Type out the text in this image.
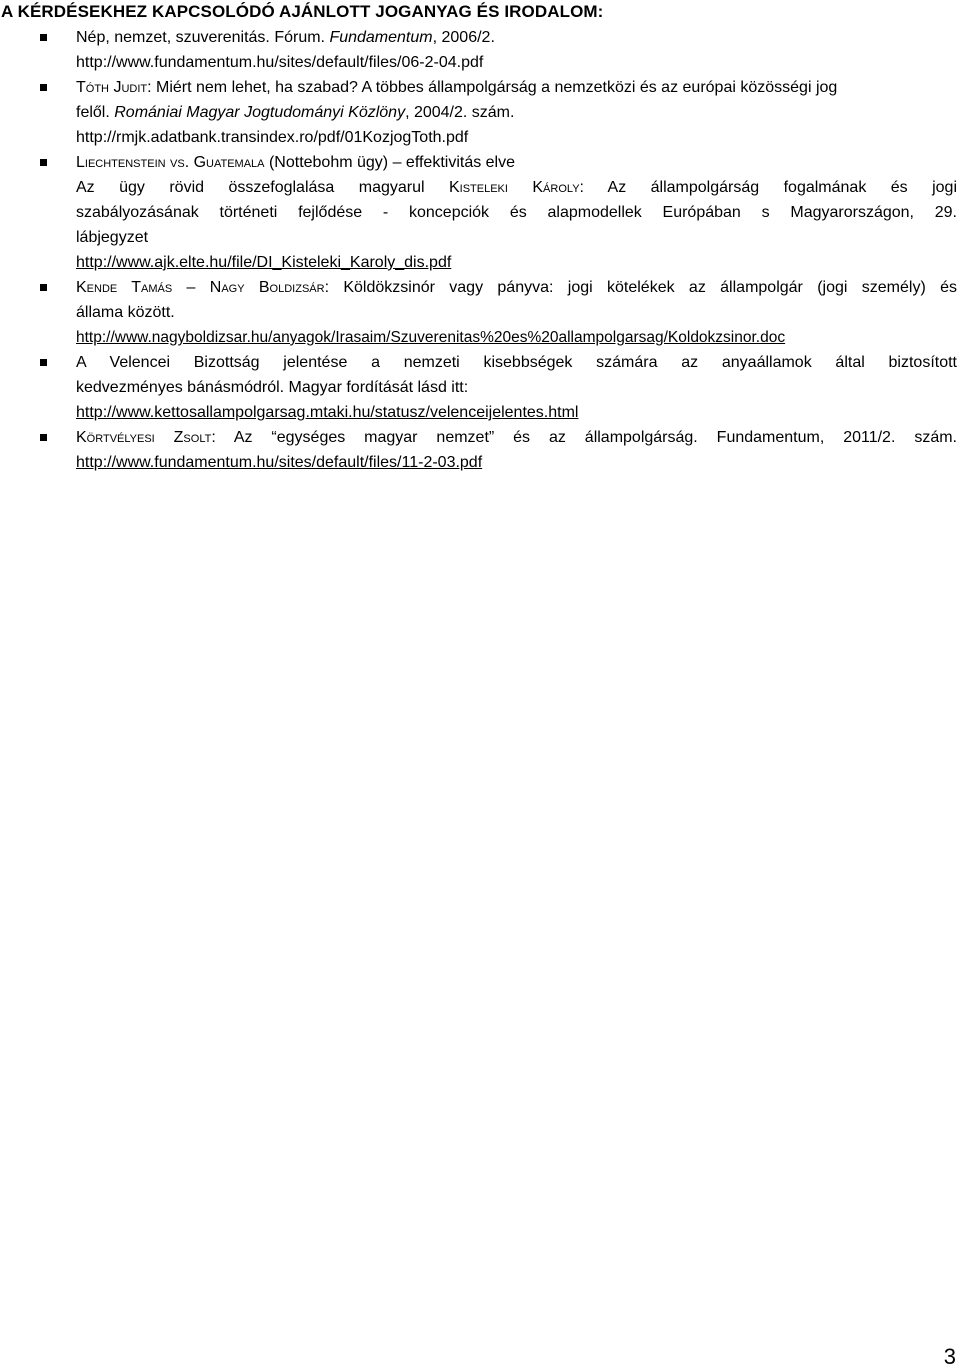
A KÉRDÉSEKHEZ KAPCSOLÓDÓ AJÁNLOTT JOGANYAG ÉS IRODALOM:
Nép, nemzet, szuverenitás. Fórum. Fundamentum, 2006/2.
http://www.fundamentum.hu/sites/default/files/06-2-04.pdf
Tóth Judit: Miért nem lehet, ha szabad? A többes állampolgárság a nemzetközi és az európai közösségi jog
felől. Romániai Magyar Jogtudományi Közlöny, 2004/2. szám.
http://rmjk.adatbank.transindex.ro/pdf/01KozjogToth.pdf
Liechtenstein vs. Guatemala (Nottebohm ügy) – effektivitás elve
Az ügy rövid összefoglalása magyarul Kisteleki Károly: Az állampolgárság fogalmának és jogi
szabályozásának történeti fejlődése - koncepciók és alapmodellek Európában s Magyarországon, 29.
lábjegyzet
http://www.ajk.elte.hu/file/DI_Kisteleki_Karoly_dis.pdf
Kende Tamás – Nagy Boldizsár: Köldökzsinór vagy pányva: jogi kötelékek az állampolgár (jogi személy) és
állama között.
http://www.nagyboldizsar.hu/anyagok/Irasaim/Szuverenitas%20es%20allampolgarsag/Koldokzsinor.doc
A Velencei Bizottság jelentése a nemzeti kisebbségek számára az anyaállamok által biztosított
kedvezményes bánásmódról. Magyar fordítását lásd itt:
http://www.kettosallampolgarsag.mtaki.hu/statusz/velenceijelentes.html
Körtvélyesi Zsolt: Az “egységes magyar nemzet” és az állampolgárság. Fundamentum, 2011/2. szám.
http://www.fundamentum.hu/sites/default/files/11-2-03.pdf
3
